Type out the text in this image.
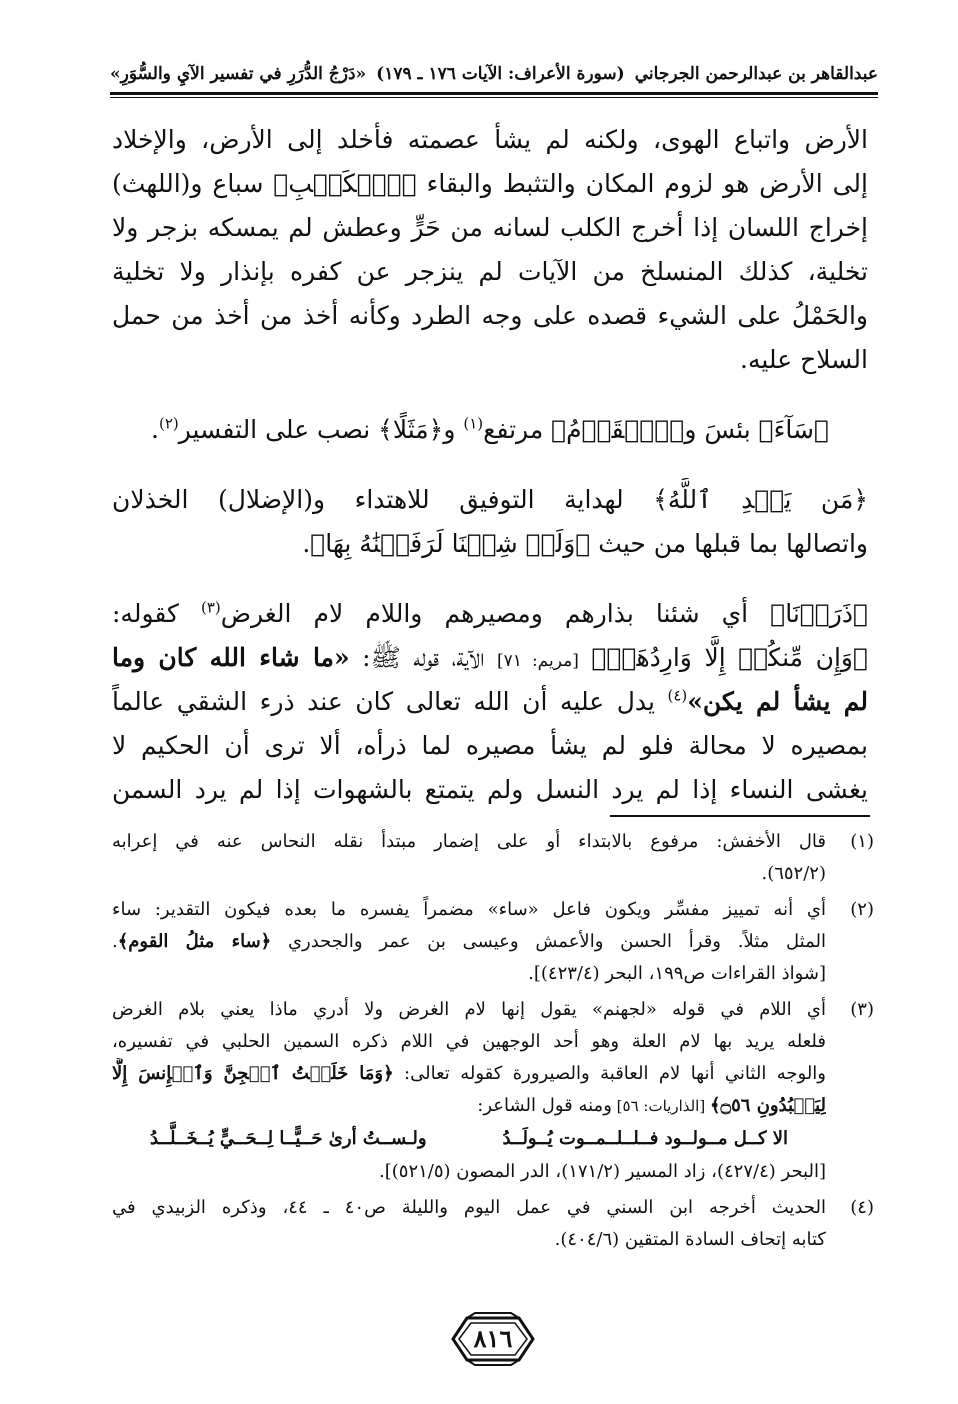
عبدالقاهر بن عبدالرحمن الجرجاني
(سورة الأعراف: الآيات ١٧٦ ـ ١٧٩)
«دَرْجُ الدُّرَرِ في تفسير الآيِ والسُّوَرِ»
الأرض واتباع الهوى، ولكنه لم يشأ عصمته فأخلد إلى الأرض، والإخلاد
إلى الأرض هو لزوم المكان والتثبط والبقاء ﴿ٱلۡكَلۡبِ﴾ سباع و(اللهث)
إخراج اللسان إذا أخرج الكلب لسانه من حَرٍّ وعطش لم يمسكه بزجر ولا
تخلية، كذلك المنسلخ من الآيات لم ينزجر عن كفره بإنذار ولا تخلية
والحَمْلُ على الشيء قصده على وجه الطرد وكأنه أخذ من أخذ من حمل
السلاح عليه.
﴿سَآءَ﴾ بئسَ و﴿ٱلۡقَوۡمُ﴾ مرتفع$^{(١)}$ و﴿مَثَلًا﴾ نصب على التفسير$^{(٢)}$.
﴿مَن يَهۡدِ ٱللَّهُ﴾ لهداية التوفيق للاهتداء و(الإضلال) الخذلان
واتصالها بما قبلها من حيث ﴿وَلَوۡ شِئۡنَا لَرَفَعۡنَٰهُ بِهَا﴾.
﴿ذَرَأۡنَا﴾ أي شئنا بذارهم ومصيرهم واللام لام الغرض$^{(٣)}$ كقوله:
﴿وَإِن مِّنكُمۡ إِلَّا وَارِدُهَاۚ﴾ [مريم: ٧١] الآية، قوله ﷺ: «ما شاء الله كان وما
لم يشأ لم يكن»$^{(٤)}$ يدل عليه أن الله تعالى كان عند ذرء الشقي عالماً
بمصيره لا محالة فلو لم يشأ مصيره لما ذرأه، ألا ترى أن الحكيم لا
يغشى النساء إذا لم يرد النسل ولم يتمتع بالشهوات إذا لم يرد السمن
(١)
قال الأخفش: مرفوع بالابتداء أو على إضمار مبتدأ نقله النحاس عنه في إعرابه
(٦٥٢/٢).
(٢)
أي أنه تمييز مفسِّر ويكون فاعل «ساء» مضمراً يفسره ما بعده فيكون التقدير: ساء
المثل مثلاً. وقرأ الحسن والأعمش وعيسى بن عمر والجحدري ﴿ساء مثلُ القوم﴾.
[شواذ القراءات ص١٩٩، البحر (٤٢٣/٤)].
(٣)
أي اللام في قوله «لجهنم» يقول إنها لام الغرض ولا أدري ماذا يعني بلام الغرض
فلعله يريد بها لام العلة وهو أحد الوجهين في اللام ذكره السمين الحلبي في تفسيره،
والوجه الثاني أنها لام العاقبة والصيرورة كقوله تعالى: ﴿وَمَا خَلَقۡتُ ٱلۡجِنَّ وَٱلۡإِنسَ إِلَّا
لِيَعۡبُدُونِ ۝٥٦﴾ [الذاريات: ٥٦] ومنه قول الشاعر:
الا كــل مــولــود فــلــلــمــوت يُــولَــدُ
ولـســتُ أرىٰ حَــيًّــا لِــحَــيٍّ يُــخَــلَّــدُ
[البحر (٤٢٧/٤)، زاد المسير (١٧١/٢)، الدر المصون (٥٢١/٥)].
(٤)
الحديث أخرجه ابن السني في عمل اليوم والليلة ص٤٠ ـ ٤٤، وذكره الزبيدي في
كتابه إتحاف السادة المتقين (٤٠٤/٦).
٨١٦
